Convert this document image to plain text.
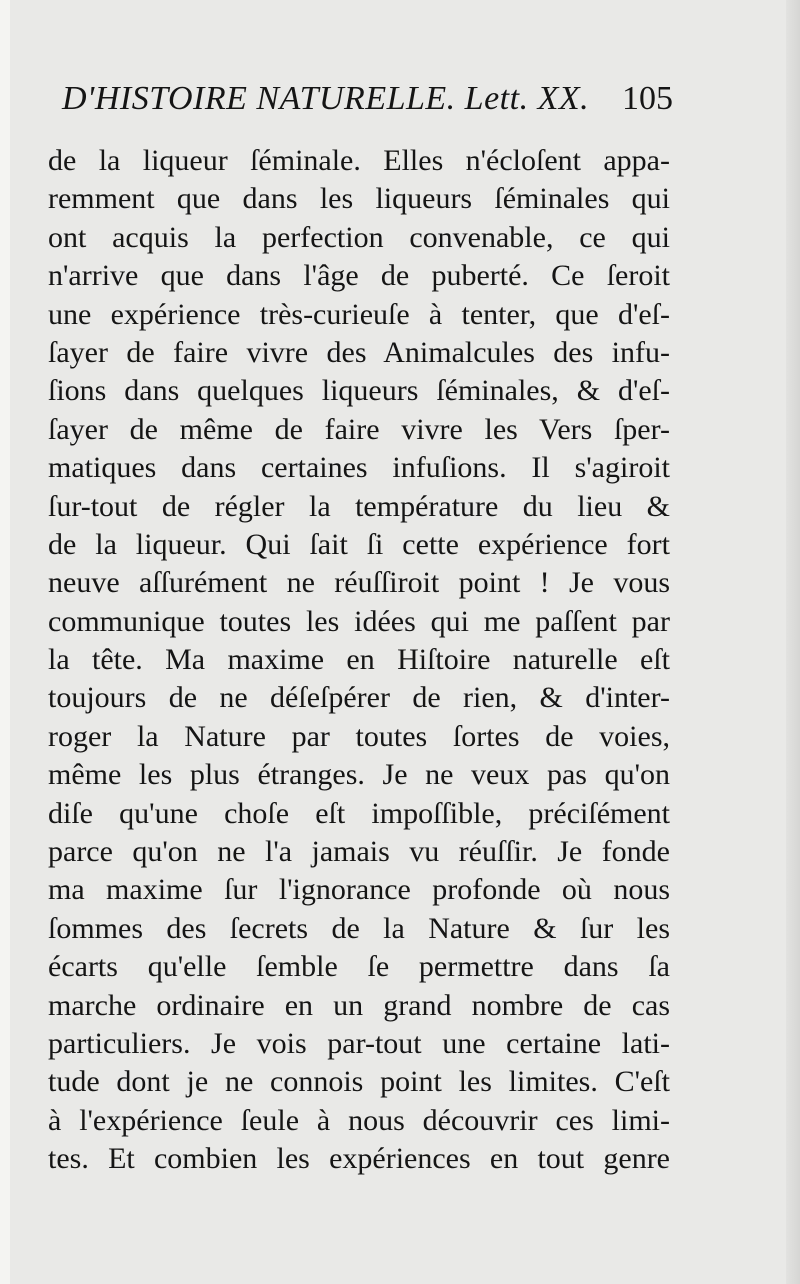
D'HISTOIRE NATURELLE. Lett. XX. 105
de la liqueur ſéminale. Elles n'écloſent appa-
remment que dans les liqueurs ſéminales qui
ont acquis la perfection convenable, ce qui
n'arrive que dans l'âge de puberté. Ce ſeroit
une expérience très-curieuſe à tenter, que d'eſ-
ſayer de faire vivre des Animalcules des infu-
ſions dans quelques liqueurs ſéminales, & d'eſ-
ſayer de même de faire vivre les Vers ſper-
matiques dans certaines infuſions. Il s'agiroit
ſur-tout de régler la température du lieu &
de la liqueur. Qui ſait ſi cette expérience fort
neuve aſſurément ne réuſſiroit point ! Je vous
communique toutes les idées qui me paſſent par
la tête. Ma maxime en Hiſtoire naturelle eſt
toujours de ne déſeſpérer de rien, & d'inter-
roger la Nature par toutes ſortes de voies,
même les plus étranges. Je ne veux pas qu'on
diſe qu'une choſe eſt impoſſible, préciſément
parce qu'on ne l'a jamais vu réuſſir. Je fonde
ma maxime ſur l'ignorance profonde où nous
ſommes des ſecrets de la Nature & ſur les
écarts qu'elle ſemble ſe permettre dans ſa
marche ordinaire en un grand nombre de cas
particuliers. Je vois par-tout une certaine lati-
tude dont je ne connois point les limites. C'eſt
à l'expérience ſeule à nous découvrir ces limi-
tes. Et combien les expériences en tout genre
